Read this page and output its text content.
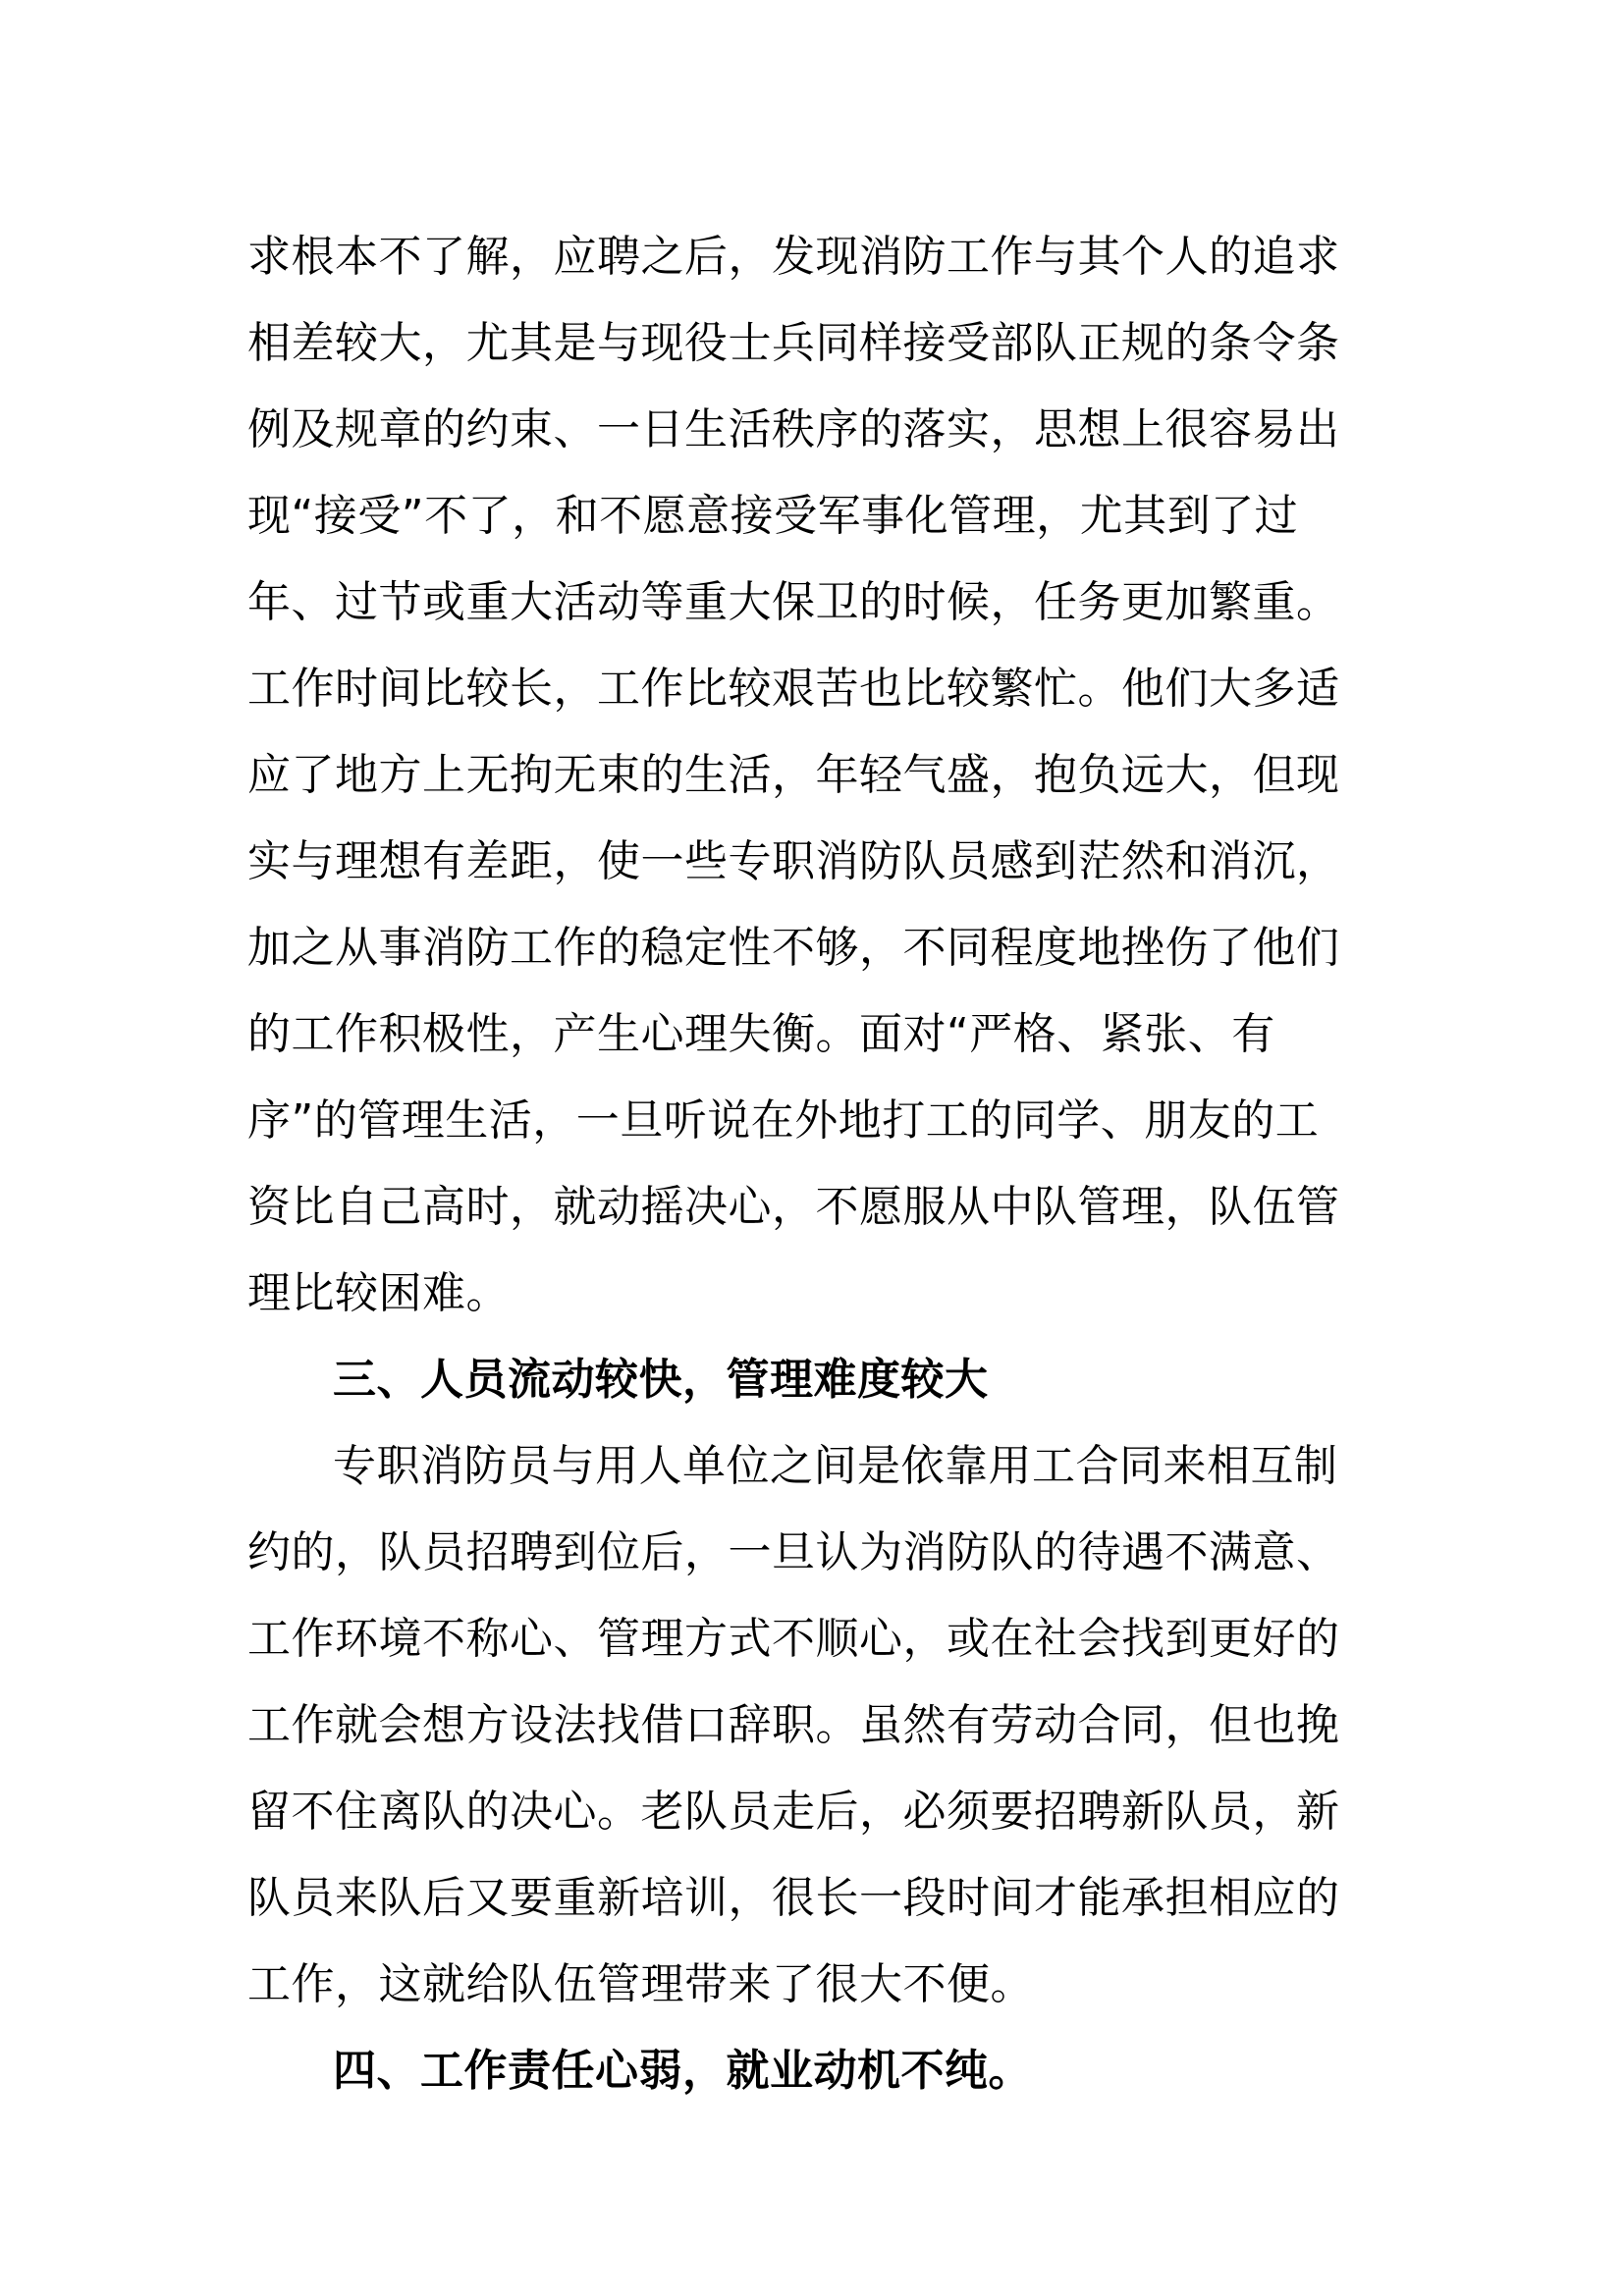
求根本不了解，应聘之后，发现消防工作与其个人的追求
相差较大，尤其是与现役士兵同样接受部队正规的条令条
例及规章的约束、一日生活秩序的落实，思想上很容易出
现“接受”不了，和不愿意接受军事化管理，尤其到了过
年、过节或重大活动等重大保卫的时候，任务更加繁重。
工作时间比较长，工作比较艰苦也比较繁忙。他们大多适
应了地方上无拘无束的生活，年轻气盛，抱负远大，但现
实与理想有差距，使一些专职消防队员感到茫然和消沉，
加之从事消防工作的稳定性不够，不同程度地挫伤了他们
的工作积极性，产生心理失衡。面对“严格、紧张、有
序”的管理生活，一旦听说在外地打工的同学、朋友的工
资比自己高时，就动摇决心，不愿服从中队管理，队伍管
理比较困难。
三、人员流动较快，管理难度较大
专职消防员与用人单位之间是依靠用工合同来相互制
约的，队员招聘到位后，一旦认为消防队的待遇不满意、
工作环境不称心、管理方式不顺心，或在社会找到更好的
工作就会想方设法找借口辞职。虽然有劳动合同，但也挽
留不住离队的决心。老队员走后，必须要招聘新队员，新
队员来队后又要重新培训，很长一段时间才能承担相应的
工作，这就给队伍管理带来了很大不便。
四、工作责任心弱，就业动机不纯。
